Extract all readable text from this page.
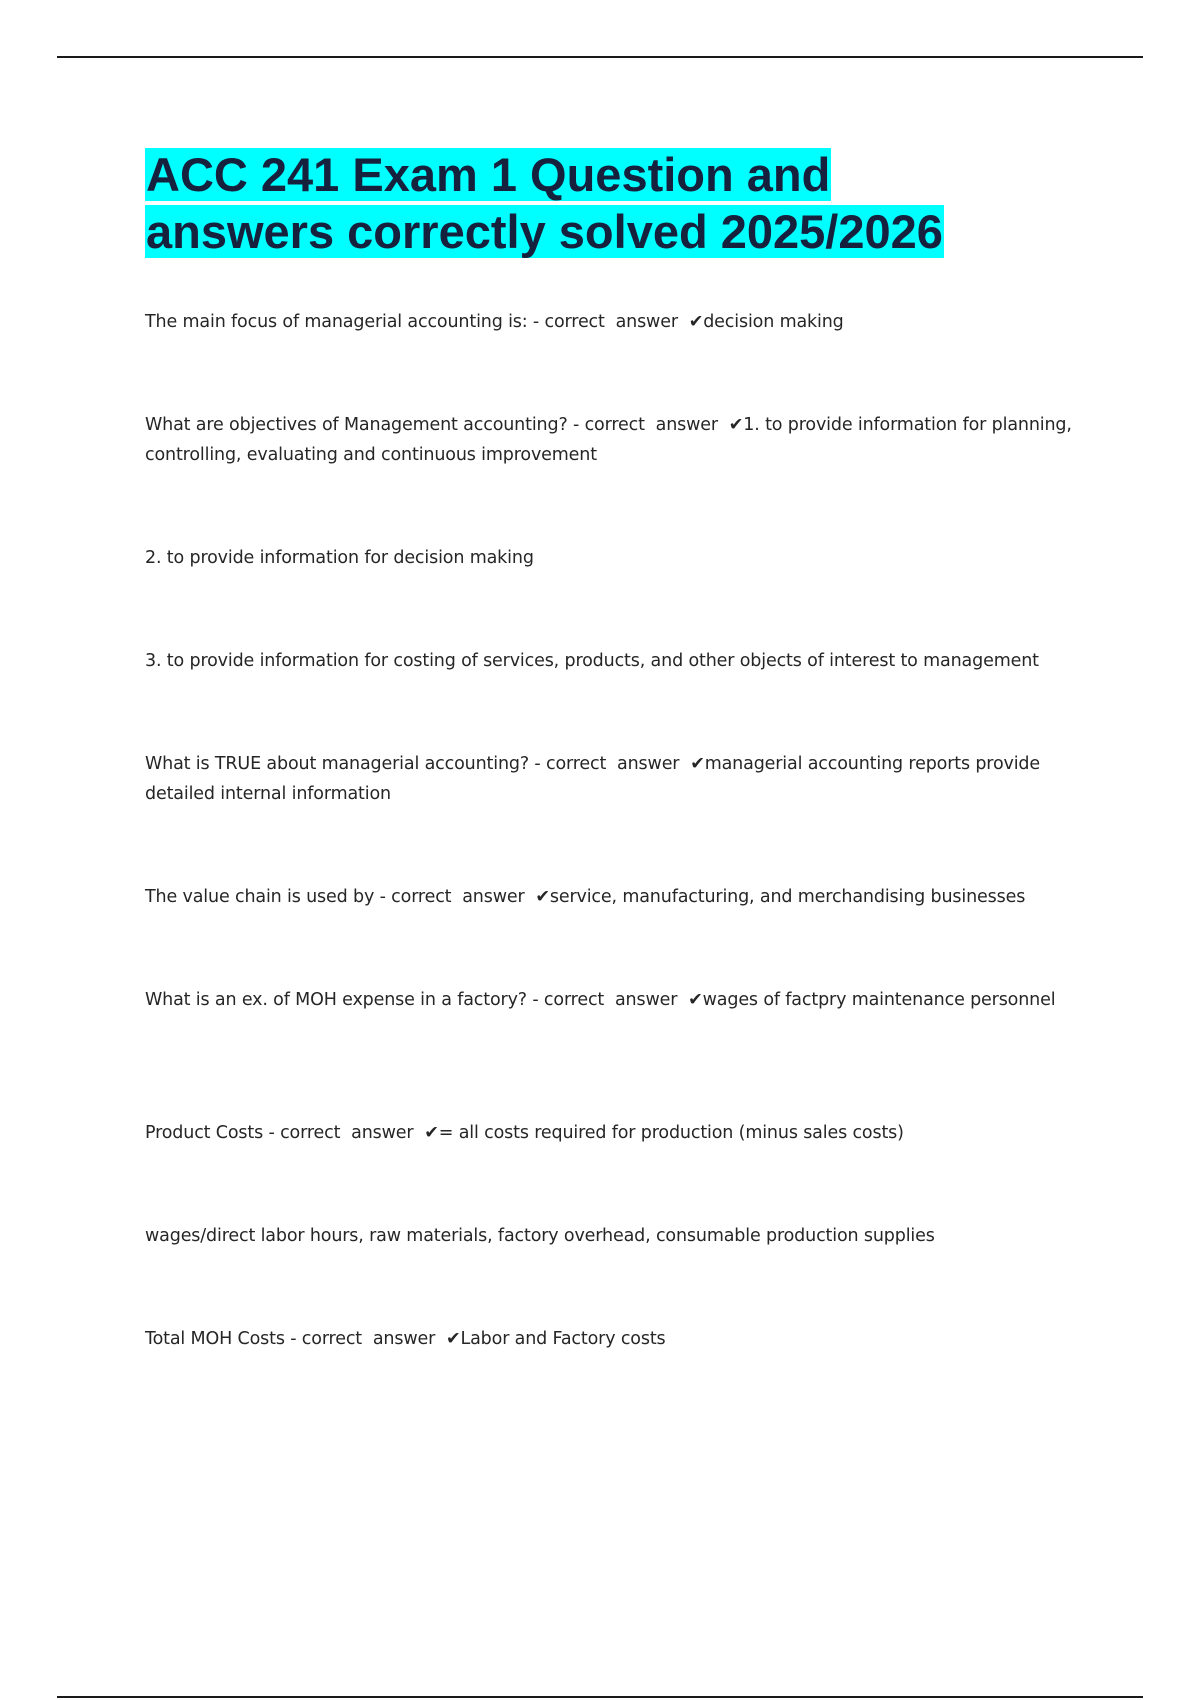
ACC 241 Exam 1 Question and
answers correctly solved 2025/2026

The main focus of managerial accounting is: - correct  answer  ✔decision making

What are objectives of Management accounting? - correct  answer  ✔1. to provide information for planning, controlling, evaluating and continuous improvement

2. to provide information for decision making

3. to provide information for costing of services, products, and other objects of interest to management

What is TRUE about managerial accounting? - correct  answer  ✔managerial accounting reports provide detailed internal information

The value chain is used by - correct  answer  ✔service, manufacturing, and merchandising businesses

What is an ex. of MOH expense in a factory? - correct  answer  ✔wages of factpry maintenance personnel

Product Costs - correct  answer  ✔= all costs required for production (minus sales costs)

wages/direct labor hours, raw materials, factory overhead, consumable production supplies

Total MOH Costs - correct  answer  ✔Labor and Factory costs
